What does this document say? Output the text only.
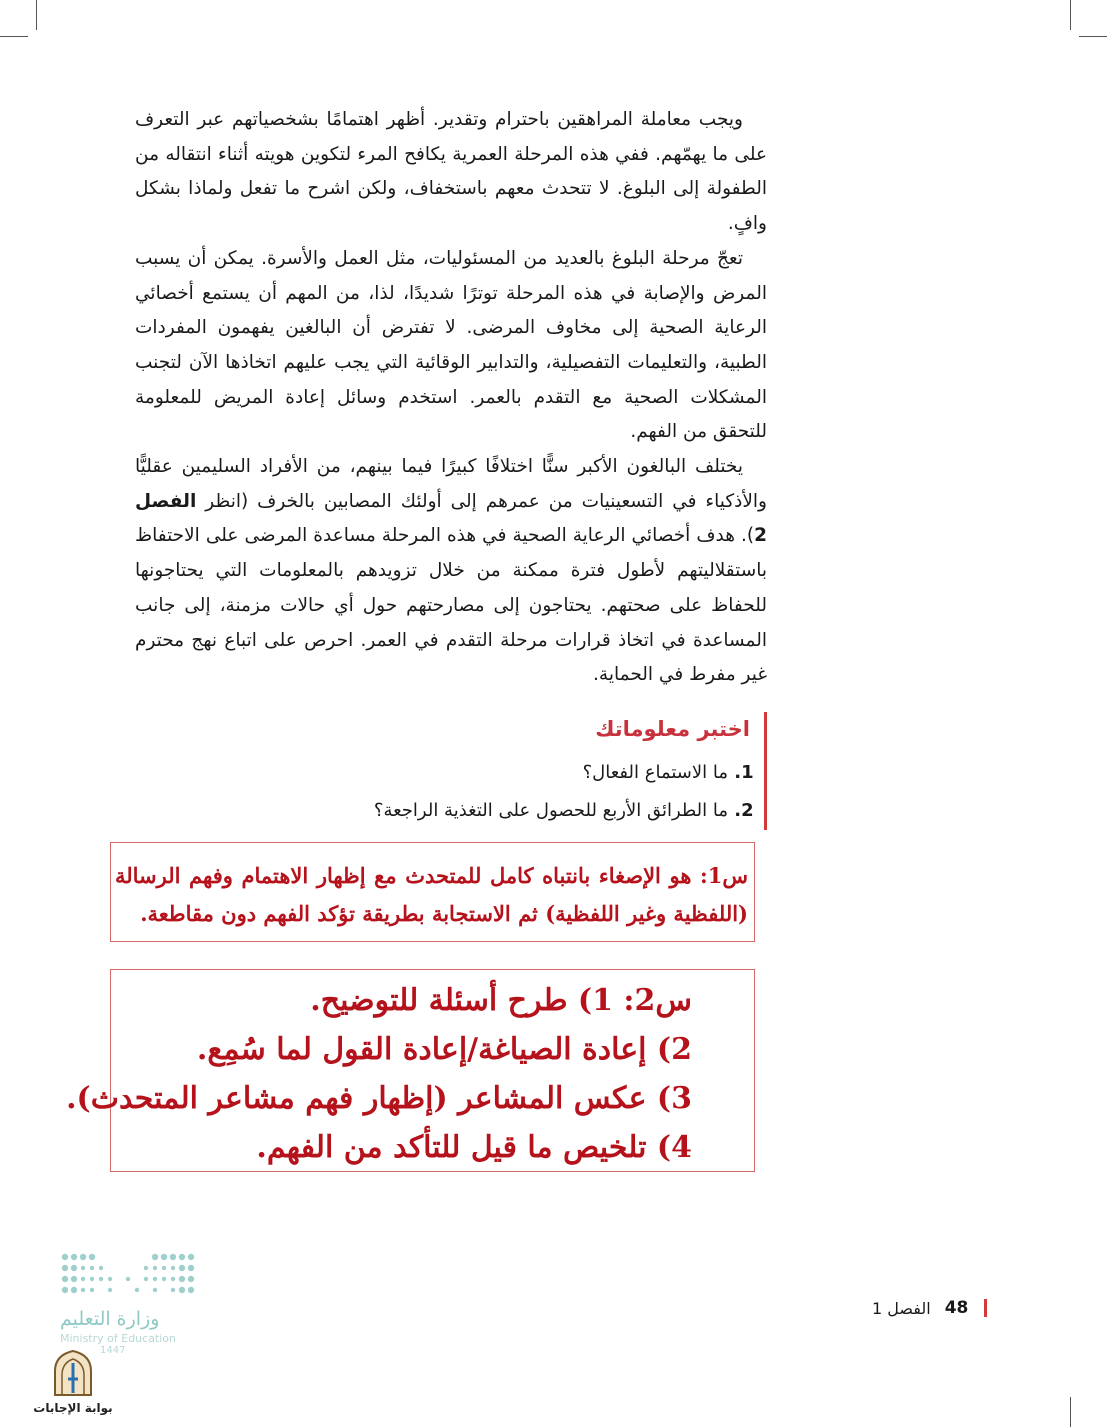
ويجب معاملة المراهقين باحترام وتقدير. أظهر اهتمامًا بشخصياتهم عبر التعرف على ما يهمّهم. ففي هذه المرحلة العمرية يكافح المرء لتكوين هويته أثناء انتقاله من الطفولة إلى البلوغ. لا تتحدث معهم باستخفاف، ولكن اشرح ما تفعل ولماذا بشكل وافٍ.

تعجّ مرحلة البلوغ بالعديد من المسئوليات، مثل العمل والأسرة. يمكن أن يسبب المرض والإصابة في هذه المرحلة توترًا شديدًا، لذا، من المهم أن يستمع أخصائي الرعاية الصحية إلى مخاوف المرضى. لا تفترض أن البالغين يفهمون المفردات الطبية، والتعليمات التفصيلية، والتدابير الوقائية التي يجب عليهم اتخاذها الآن لتجنب المشكلات الصحية مع التقدم بالعمر. استخدم وسائل إعادة المريض للمعلومة للتحقق من الفهم.

يختلف البالغون الأكبر سنًّا اختلافًا كبيرًا فيما بينهم، من الأفراد السليمين عقليًّا والأذكياء في التسعينيات من عمرهم إلى أولئك المصابين بالخرف (انظر الفصل 2). هدف أخصائي الرعاية الصحية في هذه المرحلة مساعدة المرضى على الاحتفاظ باستقلاليتهم لأطول فترة ممكنة من خلال تزويدهم بالمعلومات التي يحتاجونها للحفاظ على صحتهم. يحتاجون إلى مصارحتهم حول أي حالات مزمنة، إلى جانب المساعدة في اتخاذ قرارات مرحلة التقدم في العمر. احرص على اتباع نهج محترم غير مفرط في الحماية.

اختبر معلوماتك
1. ما الاستماع الفعال؟
2. ما الطرائق الأربع للحصول على التغذية الراجعة؟
س1: هو الإصغاء بانتباه كامل للمتحدث مع إظهار الاهتمام وفهم الرسالة (اللفظية وغير اللفظية) ثم الاستجابة بطريقة تؤكد الفهم دون مقاطعة.
س2: 1) طرح أسئلة للتوضيح.
2) إعادة الصياغة/إعادة القول لما سُمِع.
3) عكس المشاعر (إظهار فهم مشاعر المتحدث).
4) تلخيص ما قيل للتأكد من الفهم.
وزارة التعليم
Ministry of Education
1447
بوابة الإجابات
48
الفصل 1
